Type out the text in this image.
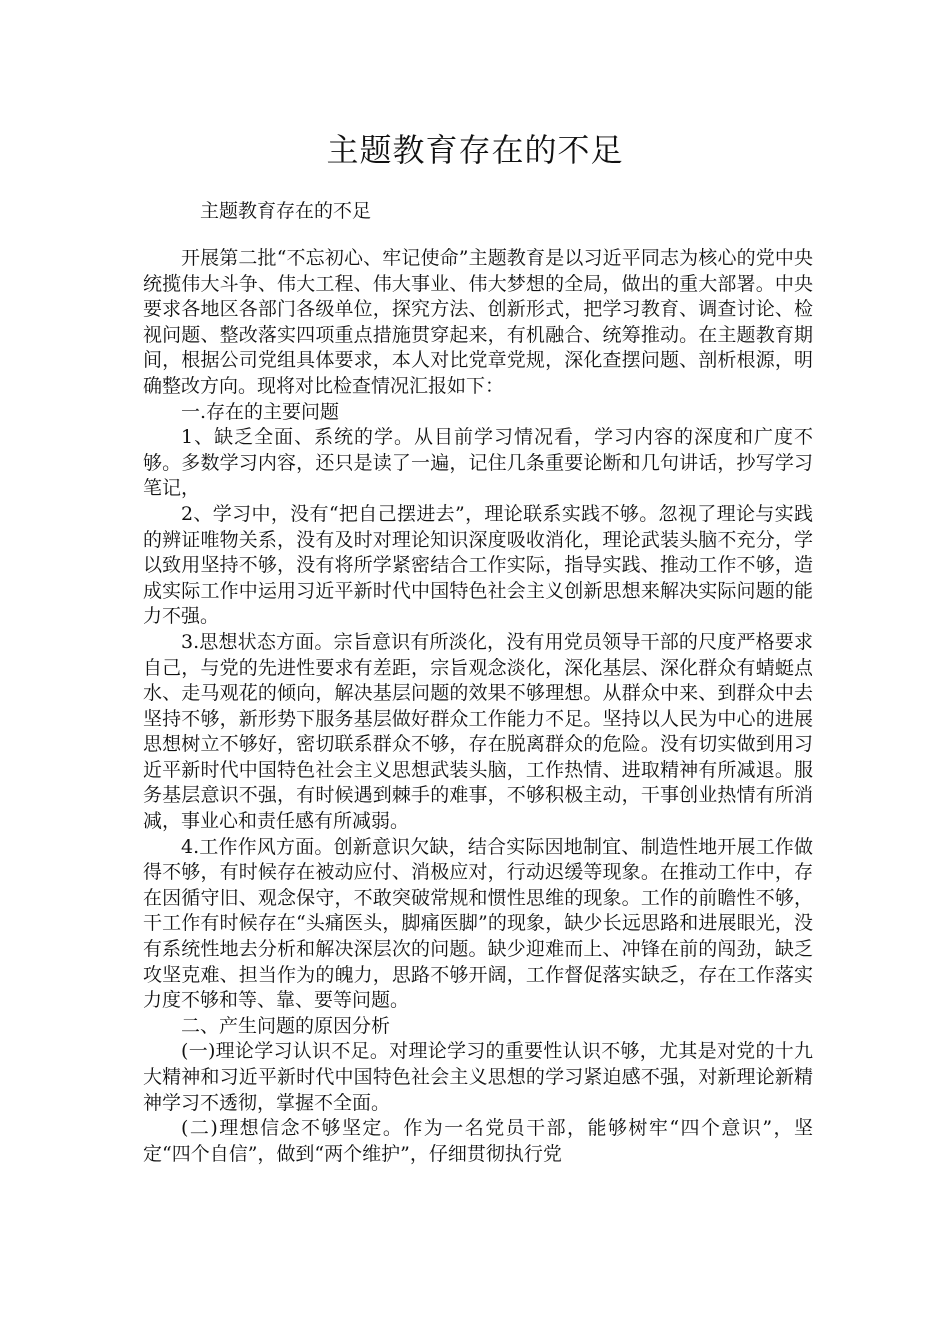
主题教育存在的不足

主题教育存在的不足

开展第二批“不忘初心、牢记使命”主题教育是以习近平同志为核心的党中央统揽伟大斗争、伟大工程、伟大事业、伟大梦想的全局，做出的重大部署。中央要求各地区各部门各级单位，探究方法、创新形式，把学习教育、调查讨论、检视问题、整改落实四项重点措施贯穿起来，有机融合、统筹推动。在主题教育期间，根据公司党组具体要求，本人对比党章党规，深化查摆问题、剖析根源，明确整改方向。现将对比检查情况汇报如下：

一.存在的主要问题

1、缺乏全面、系统的学。从目前学习情况看，学习内容的深度和广度不够。多数学习内容，还只是读了一遍，记住几条重要论断和几句讲话，抄写学习笔记，

2、学习中，没有“把自己摆进去”，理论联系实践不够。忽视了理论与实践的辨证唯物关系，没有及时对理论知识深度吸收消化，理论武装头脑不充分，学以致用坚持不够，没有将所学紧密结合工作实际，指导实践、推动工作不够，造成实际工作中运用习近平新时代中国特色社会主义创新思想来解决实际问题的能力不强。

3.思想状态方面。宗旨意识有所淡化，没有用党员领导干部的尺度严格要求自己，与党的先进性要求有差距，宗旨观念淡化，深化基层、深化群众有蜻蜓点水、走马观花的倾向，解决基层问题的效果不够理想。从群众中来、到群众中去坚持不够，新形势下服务基层做好群众工作能力不足。坚持以人民为中心的进展思想树立不够好，密切联系群众不够，存在脱离群众的危险。没有切实做到用习近平新时代中国特色社会主义思想武装头脑，工作热情、进取精神有所减退。服务基层意识不强，有时候遇到棘手的难事，不够积极主动，干事创业热情有所消减，事业心和责任感有所减弱。

4.工作作风方面。创新意识欠缺，结合实际因地制宜、制造性地开展工作做得不够，有时候存在被动应付、消极应对，行动迟缓等现象。在推动工作中，存在因循守旧、观念保守，不敢突破常规和惯性思维的现象。工作的前瞻性不够，干工作有时候存在“头痛医头，脚痛医脚”的现象，缺少长远思路和进展眼光，没有系统性地去分析和解决深层次的问题。缺少迎难而上、冲锋在前的闯劲，缺乏攻坚克难、担当作为的魄力，思路不够开阔，工作督促落实缺乏，存在工作落实力度不够和等、靠、要等问题。

二、产生问题的原因分析

(一)理论学习认识不足。对理论学习的重要性认识不够，尤其是对党的十九大精神和习近平新时代中国特色社会主义思想的学习紧迫感不强，对新理论新精神学习不透彻，掌握不全面。

(二)理想信念不够坚定。作为一名党员干部，能够树牢“四个意识”，坚定“四个自信”，做到“两个维护”，仔细贯彻执行党
